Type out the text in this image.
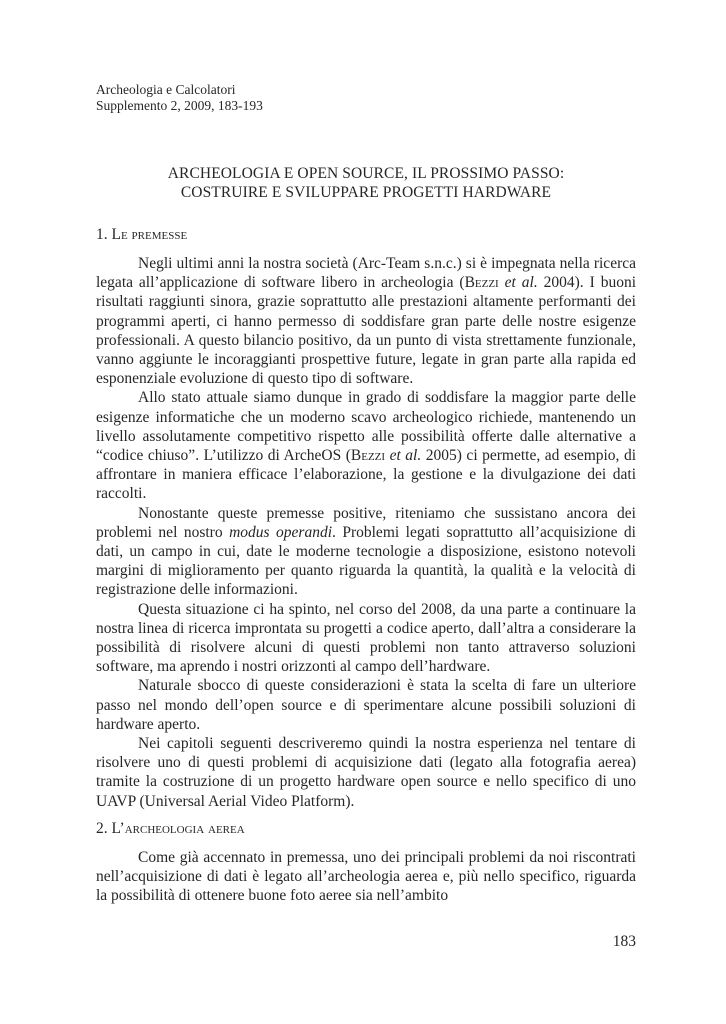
Archeologia e Calcolatori
Supplemento 2, 2009, 183-193
ARCHEOLOGIA E OPEN SOURCE, IL PROSSIMO PASSO:
COSTRUIRE E SVILUPPARE PROGETTI HARDWARE
1. Le premesse

Negli ultimi anni la nostra società (Arc-Team s.n.c.) si è impegnata nella ricerca legata all’applicazione di software libero in archeologia (Bezzi et al. 2004). I buoni risultati raggiunti sinora, grazie soprattutto alle prestazioni altamente performanti dei programmi aperti, ci hanno permesso di soddisfare gran parte delle nostre esigenze professionali. A questo bilancio positivo, da un punto di vista strettamente funzionale, vanno aggiunte le incoraggianti prospettive future, legate in gran parte alla rapida ed esponenziale evoluzione di questo tipo di software.

Allo stato attuale siamo dunque in grado di soddisfare la maggior parte delle esigenze informatiche che un moderno scavo archeologico richiede, mantenendo un livello assolutamente competitivo rispetto alle possibilità offerte dalle alternative a “codice chiuso”. L’utilizzo di ArcheOS (Bezzi et al. 2005) ci permette, ad esempio, di affrontare in maniera efficace l’elaborazione, la gestione e la divulgazione dei dati raccolti.

Nonostante queste premesse positive, riteniamo che sussistano ancora dei problemi nel nostro modus operandi. Problemi legati soprattutto all’acquisizione di dati, un campo in cui, date le moderne tecnologie a disposizione, esistono notevoli margini di miglioramento per quanto riguarda la quantità, la qualità e la velocità di registrazione delle informazioni.

Questa situazione ci ha spinto, nel corso del 2008, da una parte a continuare la nostra linea di ricerca improntata su progetti a codice aperto, dall’altra a considerare la possibilità di risolvere alcuni di questi problemi non tanto attraverso soluzioni software, ma aprendo i nostri orizzonti al campo dell’hardware.

Naturale sbocco di queste considerazioni è stata la scelta di fare un ulteriore passo nel mondo dell’open source e di sperimentare alcune possibili soluzioni di hardware aperto.

Nei capitoli seguenti descriveremo quindi la nostra esperienza nel tentare di risolvere uno di questi problemi di acquisizione dati (legato alla fotografia aerea) tramite la costruzione di un progetto hardware open source e nello specifico di uno UAVP (Universal Aerial Video Platform).

2. L’archeologia aerea

Come già accennato in premessa, uno dei principali problemi da noi riscontrati nell’acquisizione di dati è legato all’archeologia aerea e, più nello specifico, riguarda la possibilità di ottenere buone foto aeree sia nell’ambito

183
